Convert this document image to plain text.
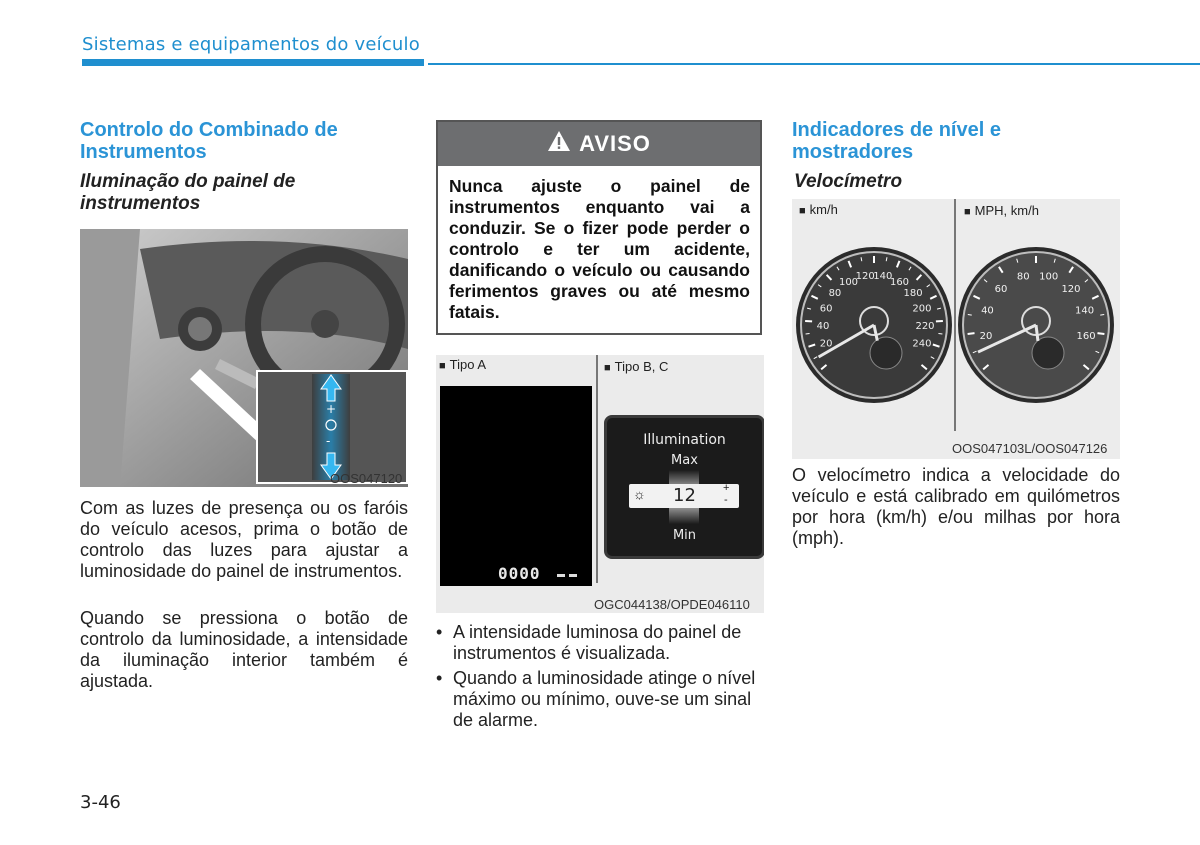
Sistemas e equipamentos do veículo
Controlo do Combinado de Instrumentos
Iluminação do painel de instrumentos
+
-
OOS047120
Com as luzes de presença ou os faróis do veículo acesos, prima o botão de controlo das luzes para ajustar a luminosidade do painel de instrumentos.
Quando se pressiona o botão de controlo da luminosidade, a intensidade da iluminação interior também é ajustada.
AVISO
Nunca ajuste o painel de instrumentos enquanto vai a conduzir. Se o fizer pode perder o controlo e ter um acidente, danificando o veículo ou causando ferimentos graves ou até mesmo fatais.
■ Tipo A	■ Tipo B, C
0000
Illumination
Max
☼	12	+
-
Min
OGC044138/OPDE046110
• A intensidade luminosa do painel de instrumentos é visualizada.
• Quando a luminosidade atinge o nível máximo ou mínimo, ouve-se um sinal de alarme.
Indicadores de nível e mostradores
Velocímetro
■ km/h	■ MPH, km/h
20
40
60
80
100
120
140
160
180
200
220
240
20
40
60
80 100
120
140
160
OOS047103L/OOS047126
O velocímetro indica a velocidade do veículo e está calibrado em quilómetros por hora (km/h) e/ou milhas por hora (mph).
3-46
